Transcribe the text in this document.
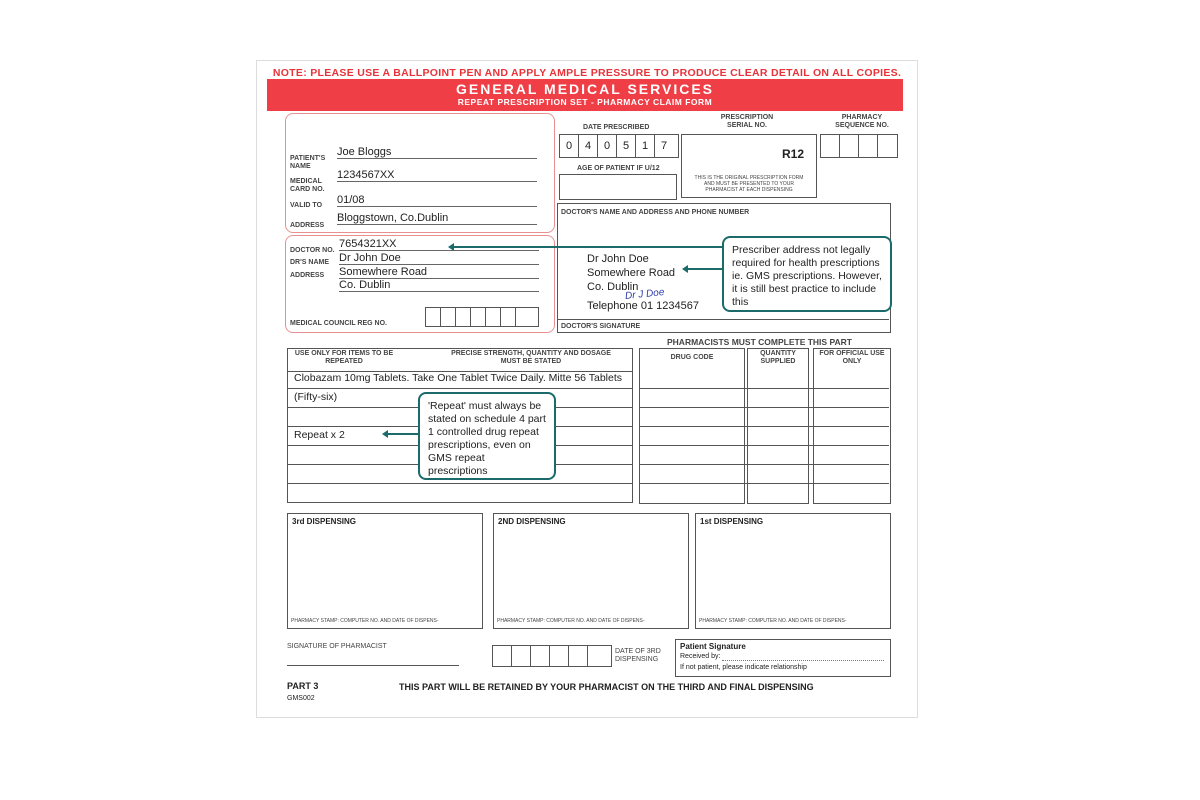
NOTE: PLEASE USE A BALLPOINT PEN AND APPLY AMPLE PRESSURE TO PRODUCE CLEAR DETAIL ON ALL COPIES.
GENERAL MEDICAL SERVICES
REPEAT PRESCRIPTION SET - PHARMACY CLAIM FORM
PATIENT'S NAME
Joe Bloggs
MEDICAL CARD NO.
1234567XX
VALID TO 01/08
ADDRESS
Bloggstown, Co.Dublin
DOCTOR NO.
7654321XX
DR'S NAME Dr John Doe
ADDRESS Somewhere Road
Co. Dublin
MEDICAL COUNCIL REG NO.
DATE PRESCRIBED
0 4 0 5 1 7
AGE OF PATIENT IF U/12
PRESCRIPTION SERIAL NO.
R12
THIS IS THE ORIGINAL PRESCRIPTION FORM AND MUST BE PRESENTED TO YOUR PHARMACIST AT EACH DISPENSING
PHARMACY SEQUENCE NO.
DOCTOR'S NAME AND ADDRESS AND PHONE NUMBER
Dr John Doe
Somewhere Road
Co. Dublin
Dr J Doe
Telephone 01 1234567
DOCTOR'S SIGNATURE
USE ONLY FOR ITEMS TO BE REPEATED
PRECISE STRENGTH, QUANTITY AND DOSAGE MUST BE STATED
Clobazam 10mg Tablets. Take One Tablet Twice Daily. Mitte 56 Tablets
(Fifty-six)
Repeat x 2
PHARMACISTS MUST COMPLETE THIS PART
DRUG CODE
QUANTITY SUPPLIED
FOR OFFICIAL USE ONLY
3rd DISPENSING
PHARMACY STAMP: COMPUTER NO. AND DATE OF DISPENS-
2ND DISPENSING
PHARMACY STAMP: COMPUTER NO. AND DATE OF DISPENS-
1st DISPENSING
PHARMACY STAMP: COMPUTER NO. AND DATE OF DISPENS-
SIGNATURE OF PHARMACIST
DATE OF 3RD DISPENSING
Patient Signature
Received by:
If not patient, please indicate relationship
PART 3
GMS002
THIS PART WILL BE RETAINED BY YOUR PHARMACIST ON THE THIRD AND FINAL DISPENSING
Prescriber address not legally required for health prescriptions ie. GMS prescriptions. However, it is still best practice to include this
'Repeat' must always be stated on schedule 4 part 1 controlled drug repeat prescriptions, even on GMS repeat prescriptions
